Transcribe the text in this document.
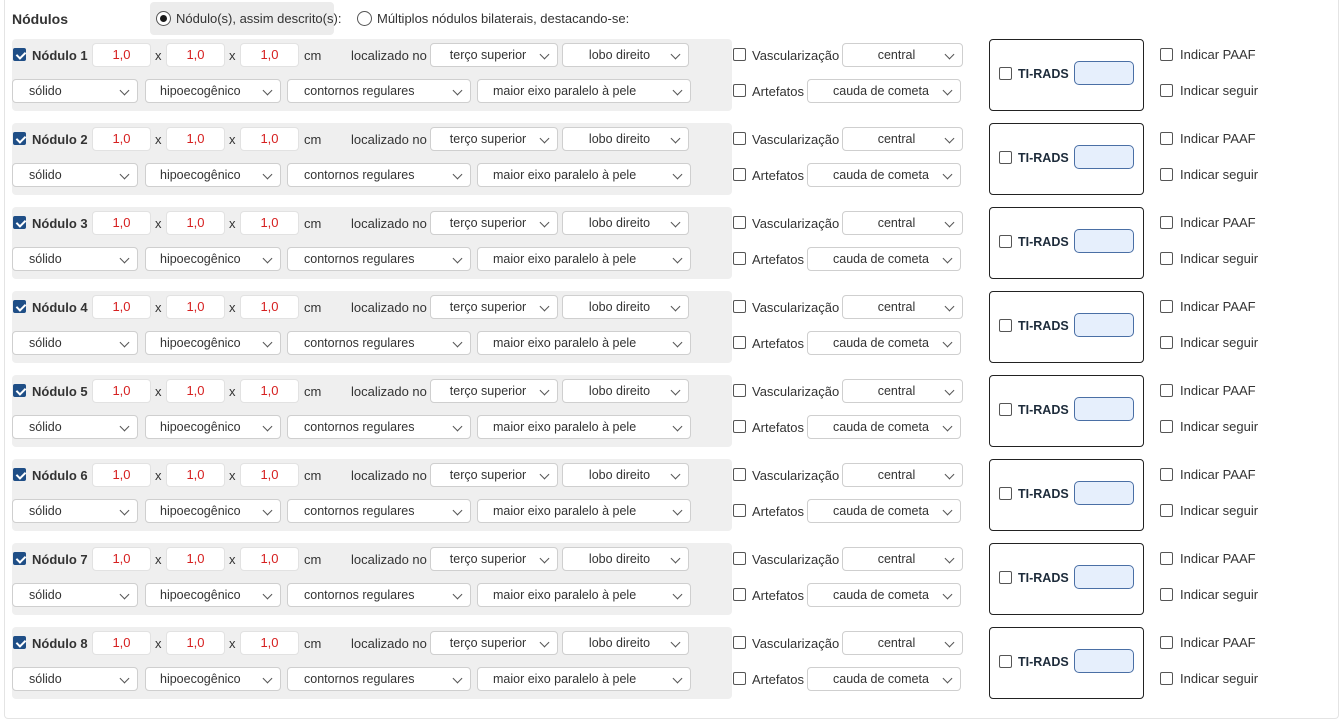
Nódulos	Nódulo(s), assim descrito(s):	Múltiplos nódulos bilaterais, destacando-se:
Nódulo 1	1,0	x	1,0	x	1,0	cm localizado no	terço superior	lobo direito
sólido	hipoecogênico	contornos regulares	maior eixo paralelo à pele
Vascularização	central
Artefatos	cauda de cometa
TI-RADS
Indicar PAAF
Indicar seguir
Nódulo 2	1,0	x	1,0	x	1,0	cm localizado no	terço superior	lobo direito
sólido	hipoecogênico	contornos regulares	maior eixo paralelo à pele
Vascularização	central
Artefatos	cauda de cometa
TI-RADS
Indicar PAAF
Indicar seguir
Nódulo 3	1,0	x	1,0	x	1,0	cm localizado no	terço superior	lobo direito
sólido	hipoecogênico	contornos regulares	maior eixo paralelo à pele
Vascularização	central
Artefatos	cauda de cometa
TI-RADS
Indicar PAAF
Indicar seguir
Nódulo 4	1,0	x	1,0	x	1,0	cm localizado no	terço superior	lobo direito
sólido	hipoecogênico	contornos regulares	maior eixo paralelo à pele
Vascularização	central
Artefatos	cauda de cometa
TI-RADS
Indicar PAAF
Indicar seguir
Nódulo 5	1,0	x	1,0	x	1,0	cm localizado no	terço superior	lobo direito
sólido	hipoecogênico	contornos regulares	maior eixo paralelo à pele
Vascularização	central
Artefatos	cauda de cometa
TI-RADS
Indicar PAAF
Indicar seguir
Nódulo 6	1,0	x	1,0	x	1,0	cm localizado no	terço superior	lobo direito
sólido	hipoecogênico	contornos regulares	maior eixo paralelo à pele
Vascularização	central
Artefatos	cauda de cometa
TI-RADS
Indicar PAAF
Indicar seguir
Nódulo 7	1,0	x	1,0	x	1,0	cm localizado no	terço superior	lobo direito
sólido	hipoecogênico	contornos regulares	maior eixo paralelo à pele
Vascularização	central
Artefatos	cauda de cometa
TI-RADS
Indicar PAAF
Indicar seguir
Nódulo 8	1,0	x	1,0	x	1,0	cm localizado no	terço superior	lobo direito
sólido	hipoecogênico	contornos regulares	maior eixo paralelo à pele
Vascularização	central
Artefatos	cauda de cometa
TI-RADS
Indicar PAAF
Indicar seguir
